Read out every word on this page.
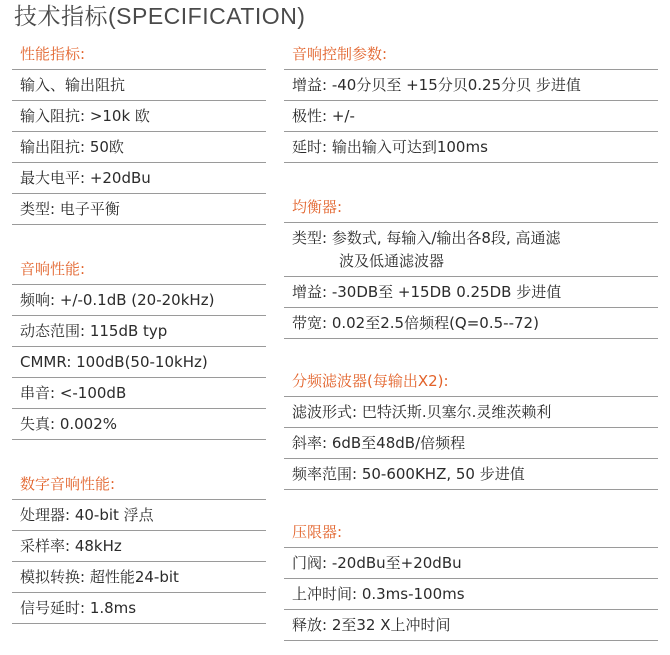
技术指标(SPECIFICATION)
性能指标:
输入、输出阻抗
输入阻抗: >10k 欧
输出阻抗: 50欧
最大电平: +20dBu
类型: 电子平衡
音响性能:
频响: +/-0.1dB (20-20kHz)
动态范围: 115dB typ
CMMR: 100dB(50-10kHz)
串音: <-100dB
失真: 0.002%
数字音响性能:
处理器: 40-bit 浮点
采样率: 48kHz
模拟转换: 超性能24-bit
信号延时: 1.8ms
音响控制参数:
增益: -40分贝至 +15分贝0.25分贝 步进值
极性: +/-
延时: 输出输入可达到100ms
均衡器:
类型: 参数式, 每输入/输出各8段, 高通滤
波及低通滤波器
增益: -30DB至 +15DB 0.25DB 步进值
带宽: 0.02至2.5倍频程(Q=0.5--72)
分频滤波器(每输出X2):
滤波形式: 巴特沃斯.贝塞尔.灵维茨赖利
斜率: 6dB至48dB/倍频程
频率范围: 50-600KHZ, 50 步进值
压限器:
门阀: -20dBu至+20dBu
上冲时间: 0.3ms-100ms
释放: 2至32 X上冲时间
